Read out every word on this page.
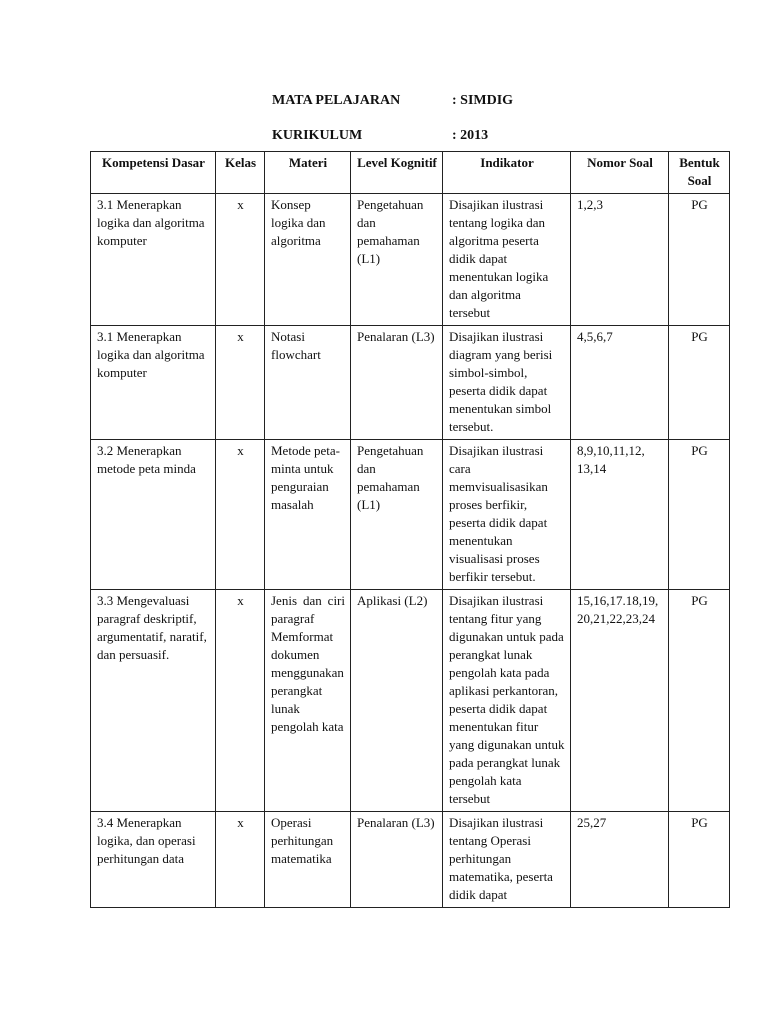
MATA PELAJARAN	: SIMDIG
KURIKULUM	: 2013
Kompetensi Dasar	Kelas	Materi	Level Kognitif	Indikator	Nomor Soal	Bentuk Soal
3.1 Menerapkan logika dan algoritma komputer	x	Konsep logika dan algoritma	Pengetahuan dan pemahaman (L1)	Disajikan ilustrasi tentang logika dan algoritma peserta didik dapat menentukan logika dan algoritma tersebut	1,2,3	PG
3.1 Menerapkan logika dan algoritma komputer	x	Notasi flowchart	Penalaran (L3)	Disajikan ilustrasi diagram yang berisi simbol-simbol, peserta didik dapat menentukan simbol tersebut.	4,5,6,7	PG
3.2 Menerapkan metode peta minda	x	Metode peta-minta untuk penguraian masalah	Pengetahuan dan pemahaman (L1)	Disajikan ilustrasi cara memvisualisasikan proses berfikir, peserta didik dapat menentukan visualisasi proses berfikir tersebut.	8,9,10,11,12, 13,14	PG
3.3 Mengevaluasi paragraf deskriptif, argumentatif, naratif, dan persuasif.	x	Jenis dan ciri paragraf Memformat dokumen menggunakan perangkat lunak pengolah kata	Aplikasi (L2)	Disajikan ilustrasi tentang fitur yang digunakan untuk pada perangkat lunak pengolah kata pada aplikasi perkantoran, peserta didik dapat menentukan fitur yang digunakan untuk pada perangkat lunak pengolah kata tersebut	15,16,17.18,19,20,21,22,23,24	PG
3.4 Menerapkan logika, dan operasi perhitungan data	x	Operasi perhitungan matematika	Penalaran (L3)	Disajikan ilustrasi tentang Operasi perhitungan matematika, peserta didik dapat	25,27	PG
